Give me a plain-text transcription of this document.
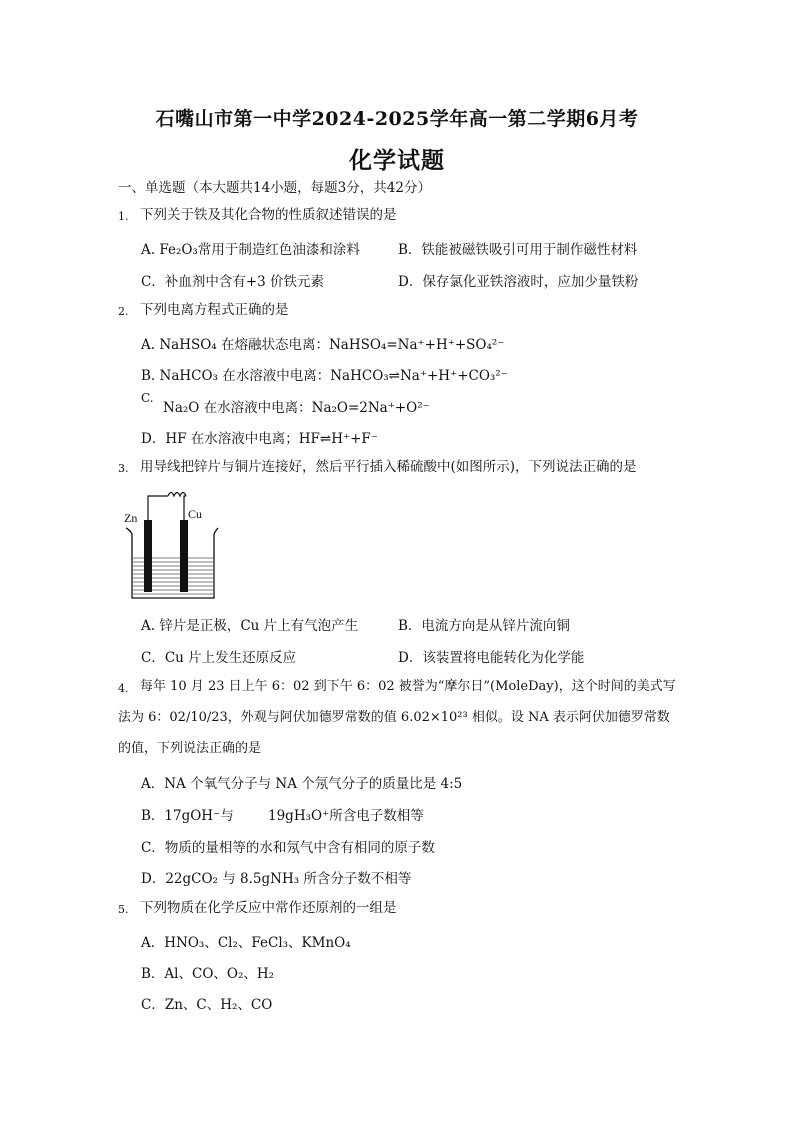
石嘴山市第一中学2024-2025学年高一第二学期6月考
化学试题
一、单选题（本大题共14小题，每题3分，共42分）
1. 下列关于铁及其化合物的性质叙述错误的是
A. Fe₂O₃常用于制造红色油漆和涂料	B．铁能被磁铁吸引可用于制作磁性材料
C．补血剂中含有+3 价铁元素	D．保存氯化亚铁溶液时，应加少量铁粉
2. 下列电离方程式正确的是
A. NaHSO₄ 在熔融状态电离：NaHSO₄=Na⁺+H⁺+SO₄²⁻
B. NaHCO₃ 在水溶液中电离：NaHCO₃⇌Na⁺+H⁺+CO₃²⁻
C.
Na₂O 在水溶液中电离：Na₂O=2Na⁺+O²⁻
D．HF 在水溶液中电离；HF⇌H⁺+F⁻
3. 用导线把锌片与铜片连接好，然后平行插入稀硫酸中(如图所示)，下列说法正确的是
Zn	Cu
A. 锌片是正极，Cu 片上有气泡产生	B．电流方向是从锌片流向铜
C．Cu 片上发生还原反应	D．该装置将电能转化为化学能
4. 每年 10 月 23 日上午 6：02 到下午 6：02 被誉为“摩尔日”(MoleDay)，这个时间的美式写
法为 6：02/10/23，外观与阿伏加德罗常数的值 6.02×10²³ 相似。设 NA 表示阿伏加德罗常数
的值，下列说法正确的是
A．NA 个氧气分子与 NA 个氖气分子的质量比是 4:5
B．17gOH⁻与	19gH₃O⁺所含电子数相等
C．物质的量相等的水和氖气中含有相同的原子数
D．22gCO₂ 与 8.5gNH₃ 所含分子数不相等
5. 下列物质在化学反应中常作还原剂的一组是
A．HNO₃、Cl₂、FeCl₃、KMnO₄
B．Al、CO、O₂、H₂
C．Zn、C、H₂、CO
